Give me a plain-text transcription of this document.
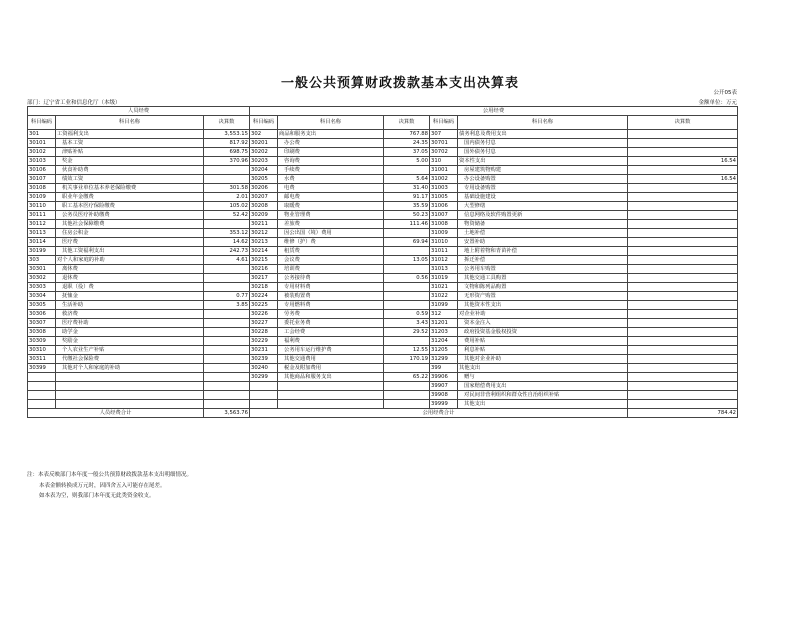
一般公共预算财政拨款基本支出决算表
公开05表
部门：辽宁省工业和信息化厅（本级）	金额单位：万元
人员经费			公用经费					
科目编码	科目名称	决算数	科目编码	科目名称	决算数	科目编码	科目名称	决算数
301	工资福利支出	3,553.15	302	商品和服务支出	767.88	307	债务利息及费用支出	
30101	基本工资	817.92	30201	办公费	24.35	30701	国内债务付息	
30102	津贴补贴	698.75	30202	印刷费	37.05	30702	国外债务付息	
30103	奖金	370.96	30203	咨询费	5.00	310	资本性支出	16.54
30106	伙食补助费		30204	手续费		31001	房屋建筑物购建	
30107	绩效工资		30205	水费	5.64	31002	办公设备购置	16.54
30108	机关事业单位基本养老保险缴费	301.58	30206	电费	31.40	31003	专用设备购置	
30109	职业年金缴费	2.01	30207	邮电费	91.17	31005	基础设施建设	
30110	职工基本医疗保险缴费	105.02	30208	取暖费	35.59	31006	大型修缮	
30111	公务员医疗补助缴费	52.42	30209	物业管理费	50.23	31007	信息网络及软件购置更新	
30112	其他社会保障缴费		30211	差旅费	111.46	31008	物资储备	
30113	住房公积金	353.12	30212	因公出国（境）费用		31009	土地补偿	
30114	医疗费	14.62	30213	维修（护）费	69.94	31010	安置补助	
30199	其他工资福利支出	242.73	30214	租赁费		31011	地上附着物和青苗补偿	
303	对个人和家庭的补助	4.61	30215	会议费	13.05	31012	拆迁补偿	
30301	离休费		30216	培训费		31013	公务用车购置	
30302	退休费		30217	公务接待费	0.56	31019	其他交通工具购置	
30303	退职（役）费		30218	专用材料费		31021	文物和陈列品购置	
30304	抚恤金	0.77	30224	被装购置费		31022	无形资产购置	
30305	生活补助	3.85	30225	专用燃料费		31099	其他资本性支出	
30306	救济费		30226	劳务费	0.59	312	对企业补助	
30307	医疗费补助		30227	委托业务费	3.43	31201	资本金注入	
30308	助学金		30228	工会经费	29.52	31203	政府投资基金股权投资	
30309	奖励金		30229	福利费		31204	费用补贴	
30310	个人农业生产补贴		30231	公务用车运行维护费	12.55	31205	利息补贴	
30311	代缴社会保险费		30239	其他交通费用	170.19	31299	其他对企业补助	
30399	其他对个人和家庭的补助		30240	税金及附加费用		399	其他支出	
			30299	其他商品和服务支出	65.22	39906	赠与	
						39907	国家赔偿费用支出	
						39908	对民间非营利组织和群众性自治组织补贴	
						39999	其他支出	
人员经费合计		3,563.76	公用经费合计					784.42
注：本表反映部门本年度一般公共预算财政拨款基本支出明细情况。
本表金额转换成万元时，因四舍五入可能存在尾差。
如本表为空，则我部门本年度无此类资金收支。
